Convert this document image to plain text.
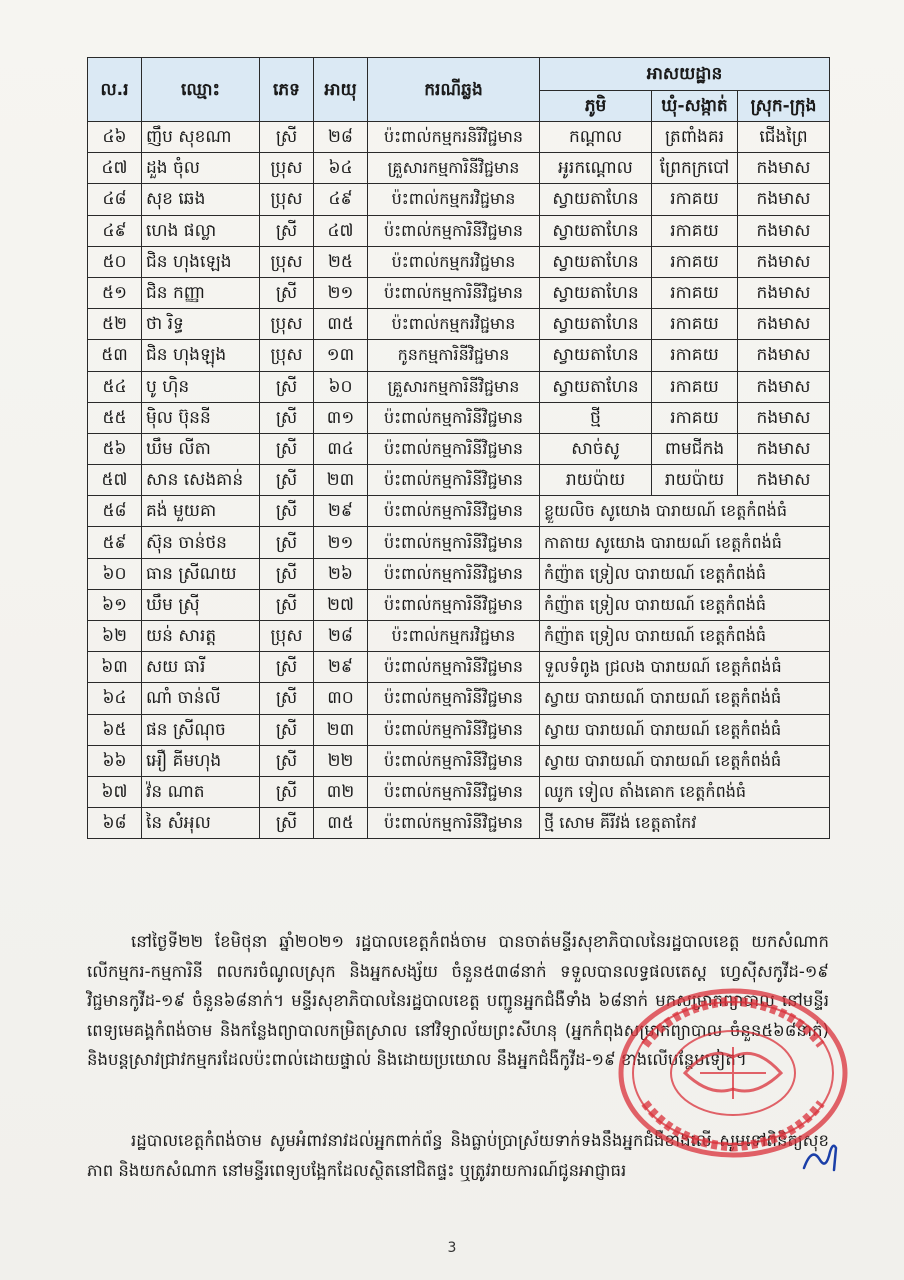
ល.រ	ឈ្មោះ	ភេទ	អាយុ	ករណីឆ្លង	អាសយដ្ឋាន		
					ភូមិ	ឃុំ-សង្កាត់	ស្រុក-ក្រុង
៤៦	ញឹប សុខណា	ស្រី	២៨	ប៉ះពាល់កម្មករនិរីវិជ្ជមាន	កណ្តាល	ត្រពាំងគរ	ជើងព្រៃ
៤៧	ដួង ចុំល	ប្រុស	៦៤	គ្រួសារកម្មការិនីវិជ្ជមាន	អូរកណ្តោល	ព្រែកក្របៅ	កងមាស
៤៨	សុខ ឆេង	ប្រុស	៤៩	ប៉ះពាល់កម្មករវិជ្ជមាន	ស្វាយតាហែន	រកាគយ	កងមាស
៤៩	ហេង ផល្លា	ស្រី	៤៧	ប៉ះពាល់កម្មការិនីវិជ្ជមាន	ស្វាយតាហែន	រកាគយ	កងមាស
៥០	ជិន ហុងឡេង	ប្រុស	២៥	ប៉ះពាល់កម្មករវិជ្ជមាន	ស្វាយតាហែន	រកាគយ	កងមាស
៥១	ជិន កញ្ញា	ស្រី	២១	ប៉ះពាល់កម្មការិនីវិជ្ជមាន	ស្វាយតាហែន	រកាគយ	កងមាស
៥២	ថា រិទ្ធ	ប្រុស	៣៥	ប៉ះពាល់កម្មករវិជ្ជមាន	ស្វាយតាហែន	រកាគយ	កងមាស
៥៣	ជិន ហុងឡុង	ប្រុស	១៣	កូនកម្មការិនីវិជ្ជមាន	ស្វាយតាហែន	រកាគយ	កងមាស
៥៤	បូ ហ៊ិន	ស្រី	៦០	គ្រួសារកម្មការិនីវិជ្ជមាន	ស្វាយតាហែន	រកាគយ	កងមាស
៥៥	ម៉ិល ប៊ុននី	ស្រី	៣១	ប៉ះពាល់កម្មការិនីវិជ្ជមាន	ថ្មី	រកាគយ	កងមាស
៥៦	ឃឹម លីតា	ស្រី	៣៤	ប៉ះពាល់កម្មការិនីវិជ្ជមាន	សាច់សូ	ពាមជីកង	កងមាស
៥៧	សាន សេងគាន់	ស្រី	២៣	ប៉ះពាល់កម្មការិនីវិជ្ជមាន	រាយប៉ាយ	រាយប៉ាយ	កងមាស
៥៨	គង់ មួយគា	ស្រី	២៩	ប៉ះពាល់កម្មការិនីវិជ្ជមាន	ខ្លួយលិច សូយោង បារាយណ៍ ខេត្តកំពង់ធំ		
៥៩	ស៊ុន ចាន់ថន	ស្រី	២១	ប៉ះពាល់កម្មការិនីវិជ្ជមាន	កាតាយ សូយោង បារាយណ៍ ខេត្តកំពង់ធំ		
៦០	ធាន ស្រីណយ	ស្រី	២៦	ប៉ះពាល់កម្មការិនីវិជ្ជមាន	កំញ៉ាត ទ្រៀល បារាយណ៍ ខេត្តកំពង់ធំ		
៦១	ឃឹម ស៊្រី	ស្រី	២៧	ប៉ះពាល់កម្មការិនីវិជ្ជមាន	កំញ៉ាត ទ្រៀល បារាយណ៍ ខេត្តកំពង់ធំ		
៦២	យន់ សារត្ត	ប្រុស	២៨	ប៉ះពាល់កម្មករវិជ្ជមាន	កំញ៉ាត ទ្រៀល បារាយណ៍ ខេត្តកំពង់ធំ		
៦៣	សយ ធារី	ស្រី	២៩	ប៉ះពាល់កម្មការិនីវិជ្ជមាន	ទួលទំពូង ជ្រលង បារាយណ៍ ខេត្តកំពង់ធំ		
៦៤	ណាំ ចាន់លី	ស្រី	៣០	ប៉ះពាល់កម្មការិនីវិជ្ជមាន	ស្វាយ បារាយណ៍ បារាយណ៍ ខេត្តកំពង់ធំ		
៦៥	ផន ស្រីណុច	ស្រី	២៣	ប៉ះពាល់កម្មការិនីវិជ្ជមាន	ស្វាយ បារាយណ៍ បារាយណ៍ ខេត្តកំពង់ធំ		
៦៦	អឿ គីមហុង	ស្រី	២២	ប៉ះពាល់កម្មការិនីវិជ្ជមាន	ស្វាយ បារាយណ៍ បារាយណ៍ ខេត្តកំពង់ធំ		
៦៧	វ៉ន ណាត	ស្រី	៣២	ប៉ះពាល់កម្មការិនីវិជ្ជមាន	ឈូក ទៀល តាំងគោក ខេត្តកំពង់ធំ		
៦៨	នៃ សំអុល	ស្រី	៣៥	ប៉ះពាល់កម្មការិនីវិជ្ជមាន	ថ្មី សោម គីរីវង់ ខេត្តតាកែវ		

នៅថ្ងៃទី២២ ខែមិថុនា ឆ្នាំ២០២១ រដ្ឋបាលខេត្តកំពង់ចាម បានចាត់មន្ទីរសុខាភិបាលនៃរដ្ឋបាលខេត្ត យកសំណាកលើកម្មករ-កម្មការិនី ពលករចំណូលស្រុក និងអ្នកសង្ស័យ ចំនួន៥៣៨នាក់ ទទួលបានលទ្ធផលតេស្ត ហ្វេស៊ីសកូវីដ-១៩ វិជ្ជមានកូវីដ-១៩ ចំនួន៦៨នាក់។ មន្ទីរសុខាភិបាលនៃរដ្ឋបាលខេត្ត បញ្ជូនអ្នកជំងឺទាំង ៦៨នាក់ មកសម្រាកព្យាបាល នៅមន្ទីរពេទ្យមេគង្គកំពង់ចាម និងកន្លែងព្យាបាលកម្រិតស្រាល នៅវិទ្យាល័យព្រះសីហនុ (អ្នកកំពុងសម្រាកព្យាបាល ចំនួន៥៦៨នាក់) និងបន្តស្រាវជ្រាវកម្មករដែលប៉ះពាល់ដោយផ្ទាល់ និងដោយប្រយោល នឹងអ្នកជំងឺកូវីដ-១៩ ខាងលើបន្ថែមទៀត។

រដ្ឋបាលខេត្តកំពង់ចាម សូមអំពាវនាវដល់អ្នកពាក់ព័ន្ធ និងធ្លាប់ប្រាស្រ័យទាក់ទងនឹងអ្នកជំងឺខាងលើ សូមទៅពិនិត្យសុខភាព និងយកសំណាក នៅមន្ទីរពេទ្យបង្អែកដែលស្ថិតនៅជិតផ្ទះ ឬត្រូវរាយការណ៍ជូនអាជ្ញាធរ

3
